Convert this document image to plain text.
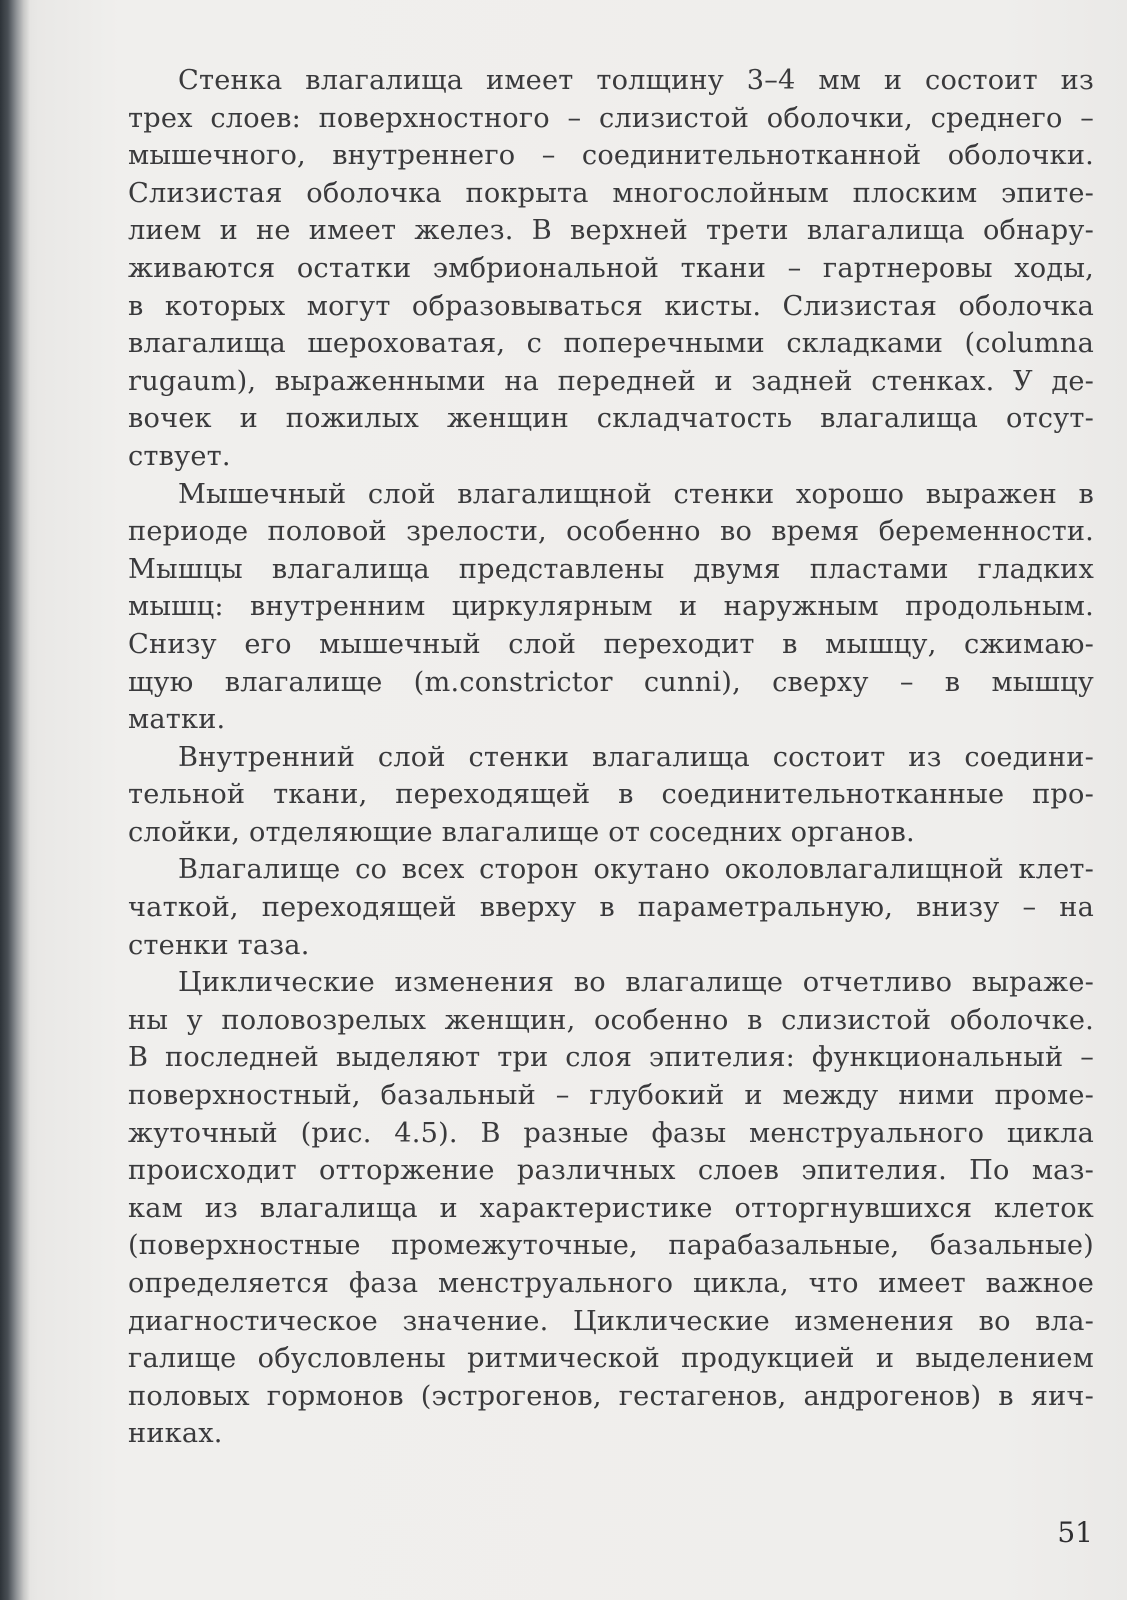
Стенка влагалища имеет толщину 3–4 мм и состоит из
трех слоев: поверхностного – слизистой оболочки, среднего –
мышечного, внутреннего – соединительнотканной оболочки.
Слизистая оболочка покрыта многослойным плоским эпите-
лием и не имеет желез. В верхней трети влагалища обнару-
живаются остатки эмбриональной ткани – гартнеровы ходы,
в которых могут образовываться кисты. Слизистая оболочка
влагалища шероховатая, с поперечными складками (columna
rugaum), выраженными на передней и задней стенках. У де-
вочек и пожилых женщин складчатость влагалища отсут-
ствует.
Мышечный слой влагалищной стенки хорошо выражен в
периоде половой зрелости, особенно во время беременности.
Мышцы влагалища представлены двумя пластами гладких
мышц: внутренним циркулярным и наружным продольным.
Снизу его мышечный слой переходит в мышцу, сжимаю-
щую влагалище (m.constrictor cunni), сверху – в мышцу
матки.
Внутренний слой стенки влагалища состоит из соедини-
тельной ткани, переходящей в соединительнотканные про-
слойки, отделяющие влагалище от соседних органов.
Влагалище со всех сторон окутано околовлагалищной клет-
чаткой, переходящей вверху в параметральную, внизу – на
стенки таза.
Циклические изменения во влагалище отчетливо выраже-
ны у половозрелых женщин, особенно в слизистой оболочке.
В последней выделяют три слоя эпителия: функциональный –
поверхностный, базальный – глубокий и между ними проме-
жуточный (рис. 4.5). В разные фазы менструального цикла
происходит отторжение различных слоев эпителия. По маз-
кам из влагалища и характеристике отторгнувшихся клеток
(поверхностные промежуточные, парабазальные, базальные)
определяется фаза менструального цикла, что имеет важное
диагностическое значение. Циклические изменения во вла-
галище обусловлены ритмической продукцией и выделением
половых гормонов (эстрогенов, гестагенов, андрогенов) в яич-
никах.
51
